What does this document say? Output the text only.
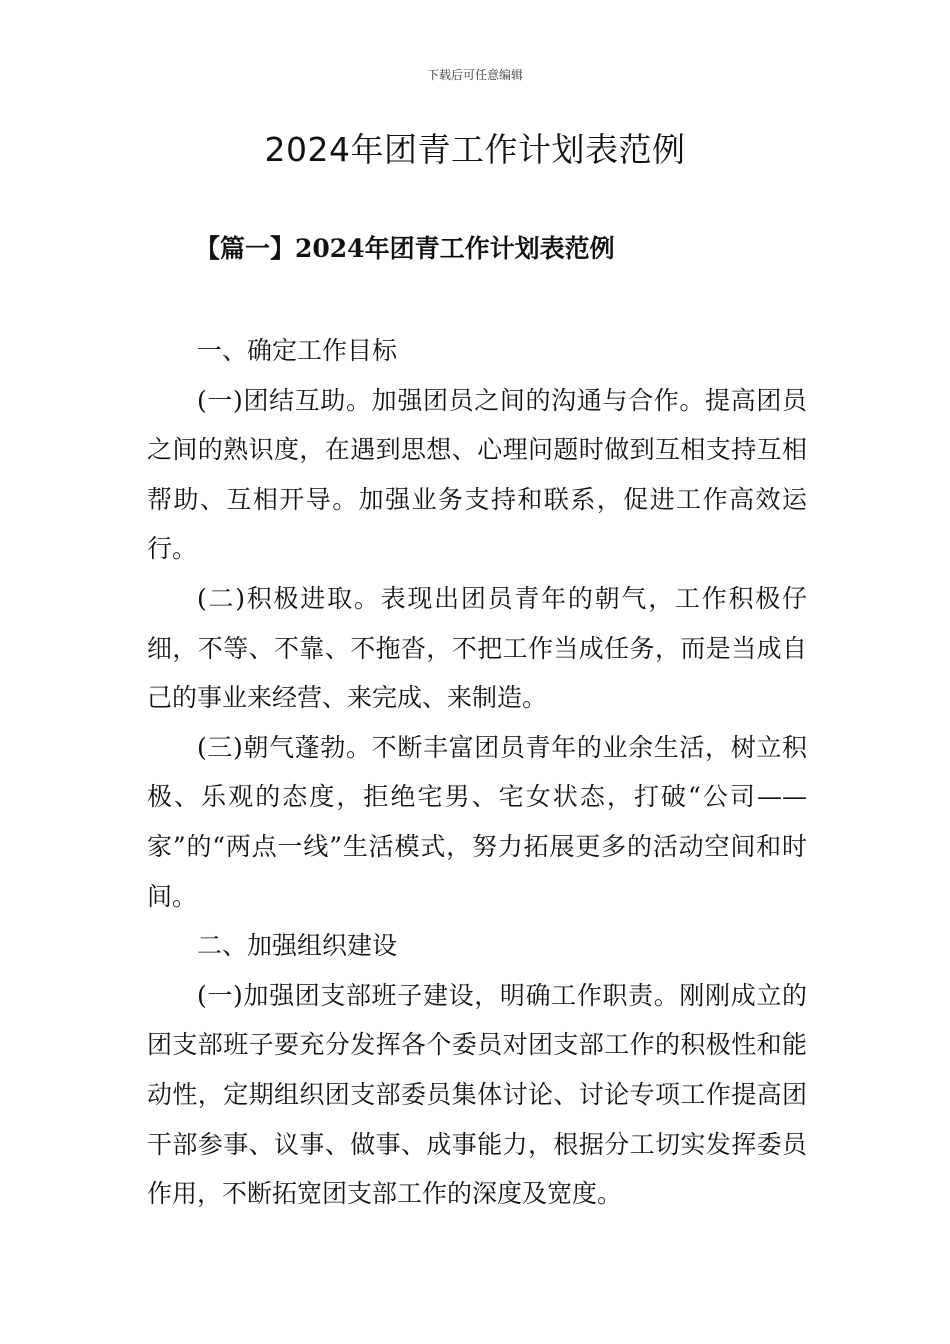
下载后可任意编辑
2024年团青工作计划表范例
【篇一】2024年团青工作计划表范例

一、确定工作目标

(一)团结互助。加强团员之间的沟通与合作。提高团员之间的熟识度，在遇到思想、心理问题时做到互相支持互相帮助、互相开导。加强业务支持和联系，促进工作高效运行。

(二)积极进取。表现出团员青年的朝气，工作积极仔细，不等、不靠、不拖沓，不把工作当成任务，而是当成自己的事业来经营、来完成、来制造。

(三)朝气蓬勃。不断丰富团员青年的业余生活，树立积极、乐观的态度，拒绝宅男、宅女状态，打破“公司——家”的“两点一线”生活模式，努力拓展更多的活动空间和时间。

二、加强组织建设

(一)加强团支部班子建设，明确工作职责。刚刚成立的团支部班子要充分发挥各个委员对团支部工作的积极性和能动性，定期组织团支部委员集体讨论、讨论专项工作提高团干部参事、议事、做事、成事能力，根据分工切实发挥委员作用，不断拓宽团支部工作的深度及宽度。
